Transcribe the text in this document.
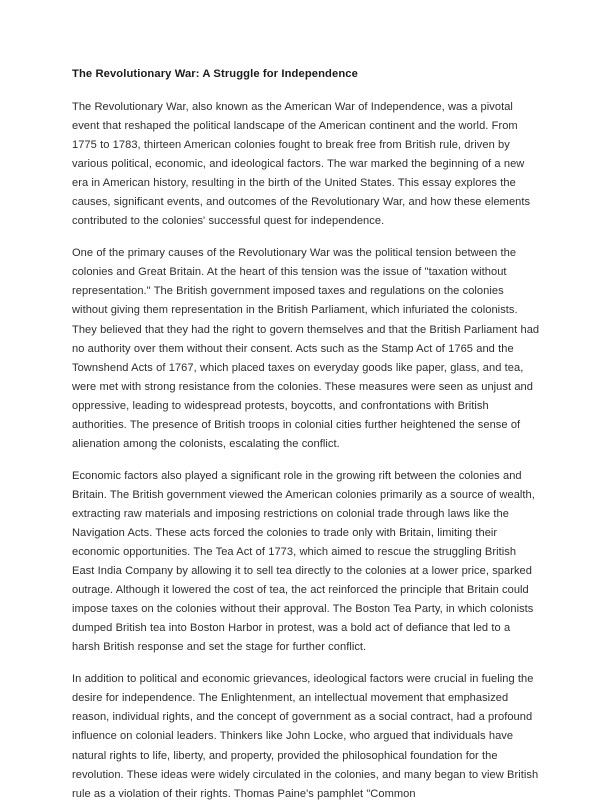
The Revolutionary War: A Struggle for Independence

The Revolutionary War, also known as the American War of Independence, was a pivotal event that reshaped the political landscape of the American continent and the world. From 1775 to 1783, thirteen American colonies fought to break free from British rule, driven by various political, economic, and ideological factors. The war marked the beginning of a new era in American history, resulting in the birth of the United States. This essay explores the causes, significant events, and outcomes of the Revolutionary War, and how these elements contributed to the colonies' successful quest for independence.

One of the primary causes of the Revolutionary War was the political tension between the colonies and Great Britain. At the heart of this tension was the issue of "taxation without representation." The British government imposed taxes and regulations on the colonies without giving them representation in the British Parliament, which infuriated the colonists. They believed that they had the right to govern themselves and that the British Parliament had no authority over them without their consent. Acts such as the Stamp Act of 1765 and the Townshend Acts of 1767, which placed taxes on everyday goods like paper, glass, and tea, were met with strong resistance from the colonies. These measures were seen as unjust and oppressive, leading to widespread protests, boycotts, and confrontations with British authorities. The presence of British troops in colonial cities further heightened the sense of alienation among the colonists, escalating the conflict.

Economic factors also played a significant role in the growing rift between the colonies and Britain. The British government viewed the American colonies primarily as a source of wealth, extracting raw materials and imposing restrictions on colonial trade through laws like the Navigation Acts. These acts forced the colonies to trade only with Britain, limiting their economic opportunities. The Tea Act of 1773, which aimed to rescue the struggling British East India Company by allowing it to sell tea directly to the colonies at a lower price, sparked outrage. Although it lowered the cost of tea, the act reinforced the principle that Britain could impose taxes on the colonies without their approval. The Boston Tea Party, in which colonists dumped British tea into Boston Harbor in protest, was a bold act of defiance that led to a harsh British response and set the stage for further conflict.

In addition to political and economic grievances, ideological factors were crucial in fueling the desire for independence. The Enlightenment, an intellectual movement that emphasized reason, individual rights, and the concept of government as a social contract, had a profound influence on colonial leaders. Thinkers like John Locke, who argued that individuals have natural rights to life, liberty, and property, provided the philosophical foundation for the revolution. These ideas were widely circulated in the colonies, and many began to view British rule as a violation of their rights. Thomas Paine's pamphlet "Common
